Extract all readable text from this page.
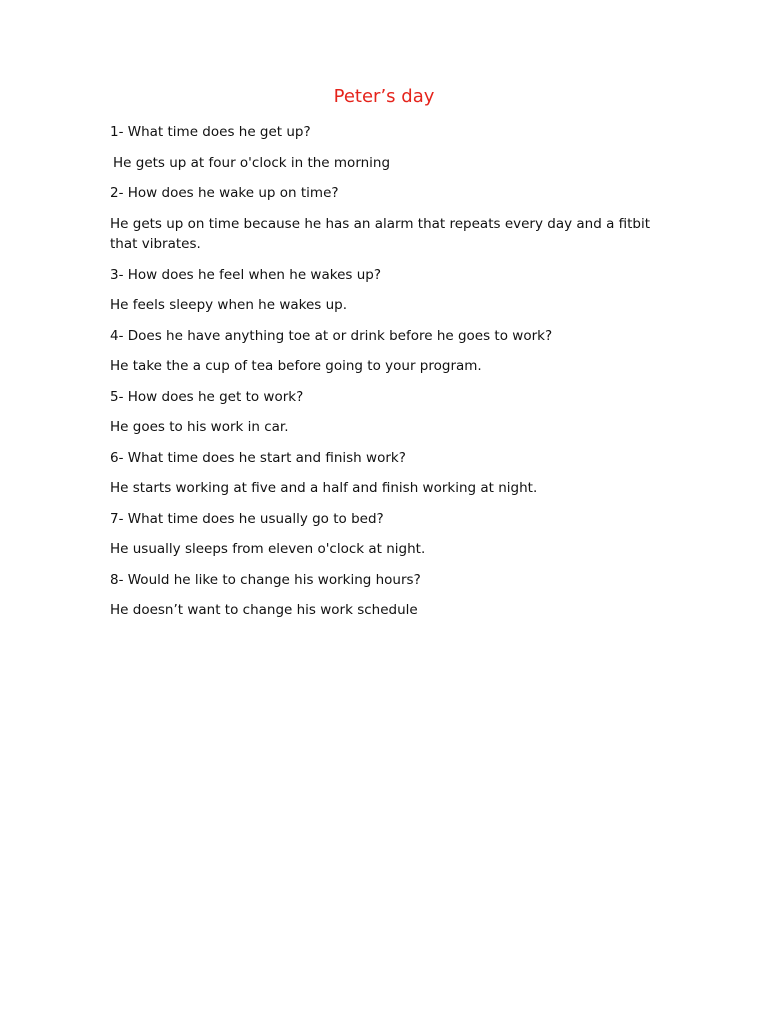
Peter’s day

1- What time does he get up?

He gets up at four o'clock in the morning

2- How does he wake up on time?

He gets up on time because he has an alarm that repeats every day and a fitbit that vibrates.

3- How does he feel when he wakes up?

He feels sleepy when he wakes up.

4- Does he have anything toe at or drink before he goes to work?

He take the a cup of tea before going to your program.

5- How does he get to work?

He goes to his work in car.

6- What time does he start and finish work?

He starts working at five and a half and finish working at night.

7- What time does he usually go to bed?

He usually sleeps from eleven o'clock at night.

8- Would he like to change his working hours?

He doesn’t want to change his work schedule
